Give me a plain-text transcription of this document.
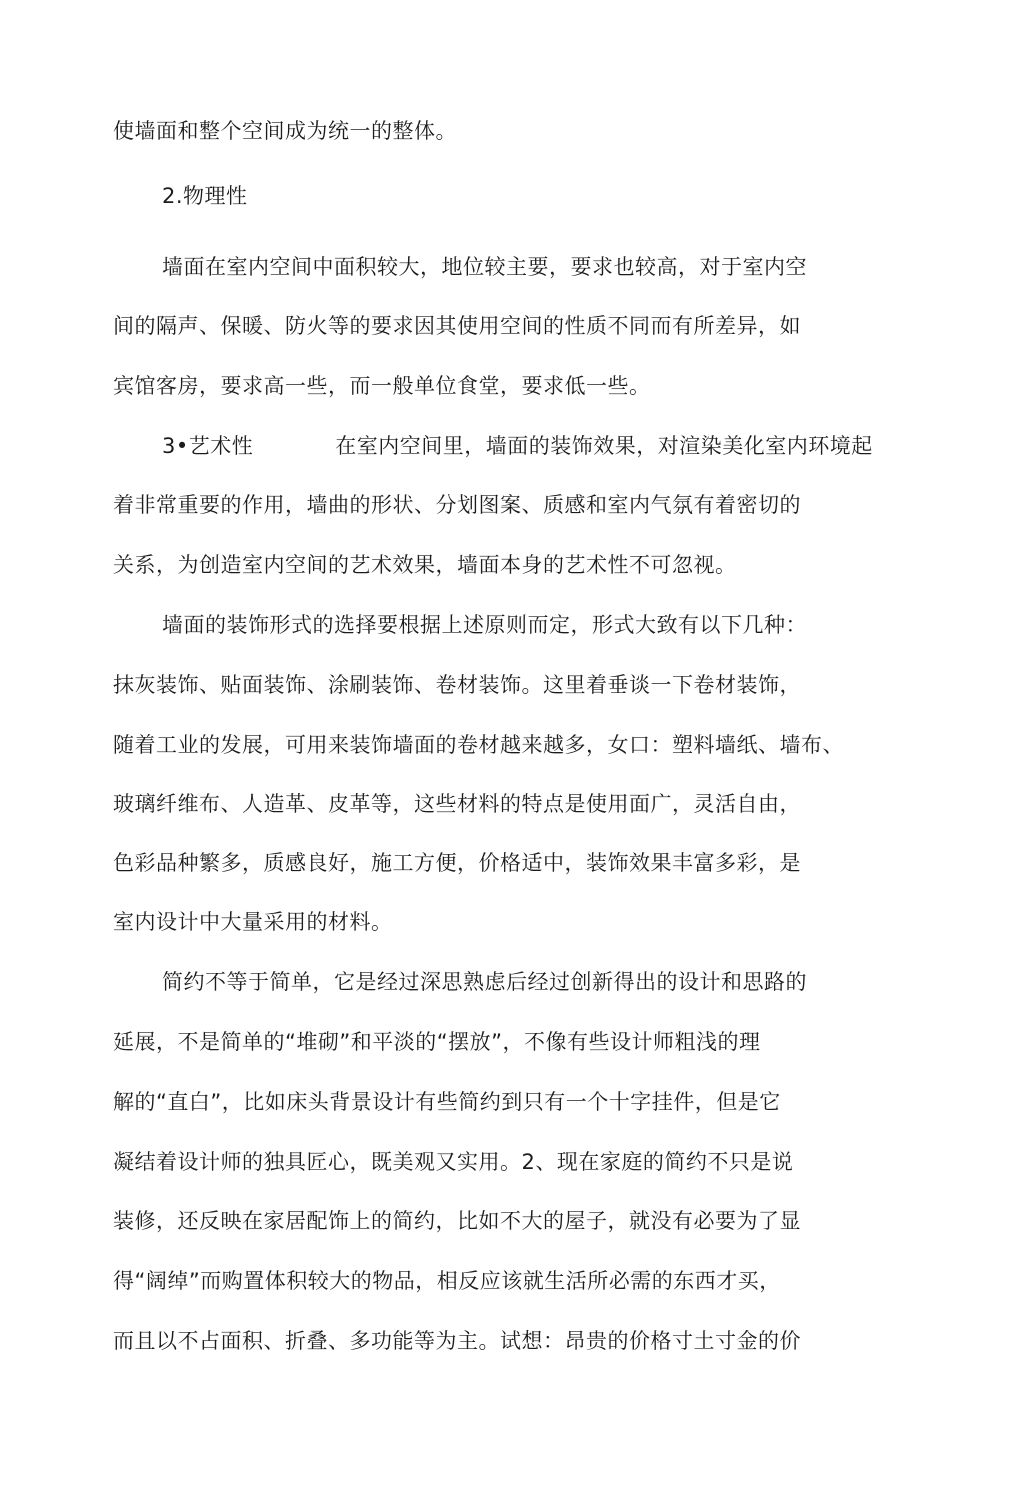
使墙面和整个空间成为统一的整体。
2.物理性
墙面在室内空间中面积较大，地位较主要，要求也较高，对于室内空
间的隔声、保暖、防火等的要求因其使用空间的性质不同而有所差异，如
宾馆客房，要求高一些，而一般单位食堂，要求低一些。
3•艺术性	在室内空间里，墙面的装饰效果，对渲染美化室内环境起
着非常重要的作用，墙曲的形状、分划图案、质感和室内气氛有着密切的
关系，为创造室内空间的艺术效果，墙面本身的艺术性不可忽视。
墙面的装饰形式的选择要根据上述原则而定，形式大致有以下几种：
抹灰装饰、贴面装饰、涂刷装饰、卷材装饰。这里着垂谈一下卷材装饰，
随着工业的发展，可用来装饰墙面的卷材越来越多，女口：塑料墙纸、墙布、
玻璃纤维布、人造革、皮革等，这些材料的特点是使用面广，灵活自由，
色彩品种繁多，质感良好，施工方便，价格适中，装饰效果丰富多彩，是
室内设计中大量采用的材料。
简约不等于简单，它是经过深思熟虑后经过创新得出的设计和思路的
延展，不是简单的“堆砌”和平淡的“摆放”，不像有些设计师粗浅的理
解的“直白”，比如床头背景设计有些简约到只有一个十字挂件，但是它
凝结着设计师的独具匠心，既美观又实用。2、现在家庭的简约不只是说
装修，还反映在家居配饰上的简约，比如不大的屋子，就没有必要为了显
得“阔绰”而购置体积较大的物品，相反应该就生活所必需的东西才买，
而且以不占面积、折叠、多功能等为主。试想：昂贵的价格寸土寸金的价
